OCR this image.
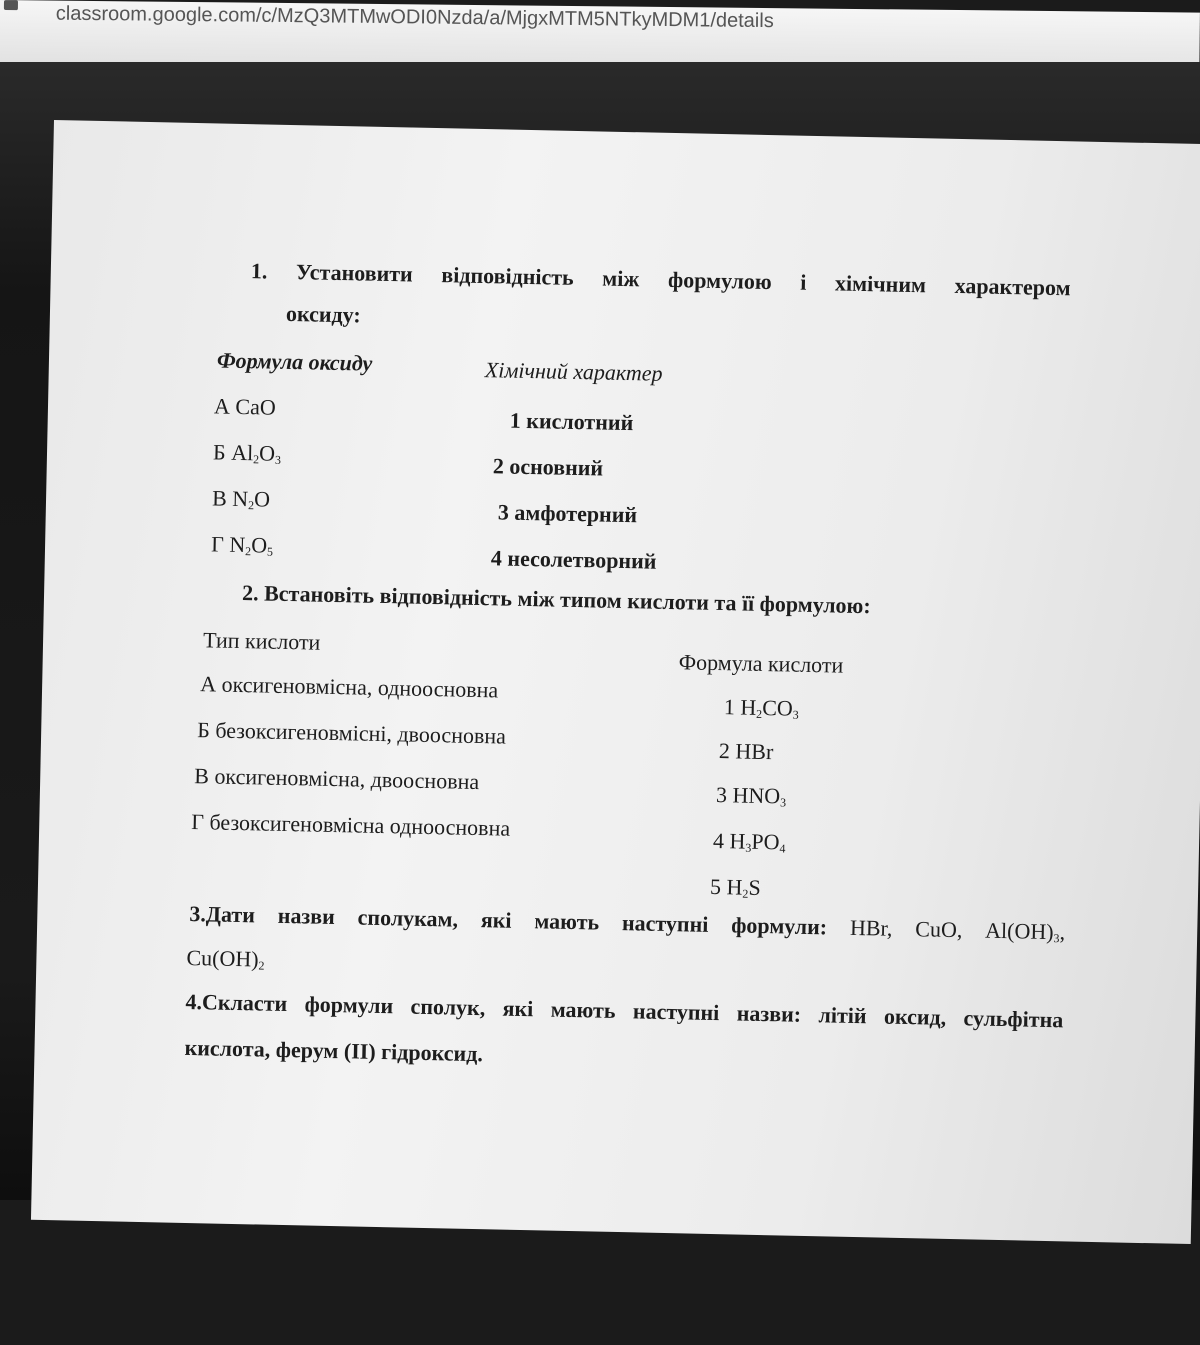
classroom.google.com/c/MzQ3MTMwODI0Nzda/a/MjgxMTM5NTkyMDM1/details
1. Установити відповідність між формулою і хімічним характером
оксиду:
Формула оксиду	Хімічний характер
А CaO
Б $Al_2O_3$
В $N_2O$
Г $N_2O_5$
1 кислотний
2 основний
3 амфотерний
4 несолетворний
2. Встановіть відповідність між типом кислоти та її формулою:
Тип кислоти
Формула кислоти
А оксигеновмісна, одноосновна
Б безоксигеновмісні, двоосновна
В оксигеновмісна, двоосновна
Г безоксигеновмісна одноосновна
1 $H_2CO_3$
2 HBr
3 $HNO_3$
4 $H_3PO_4$
5 $H_2S$
3.Дати назви сполукам, які мають наступні формули: HBr, CuO, $Al(OH)_3$,
$Cu(OH)_2$
4.Скласти формули сполук, які мають наступні назви: літій оксид, сульфітна
кислота, ферум (II) гідроксид.
